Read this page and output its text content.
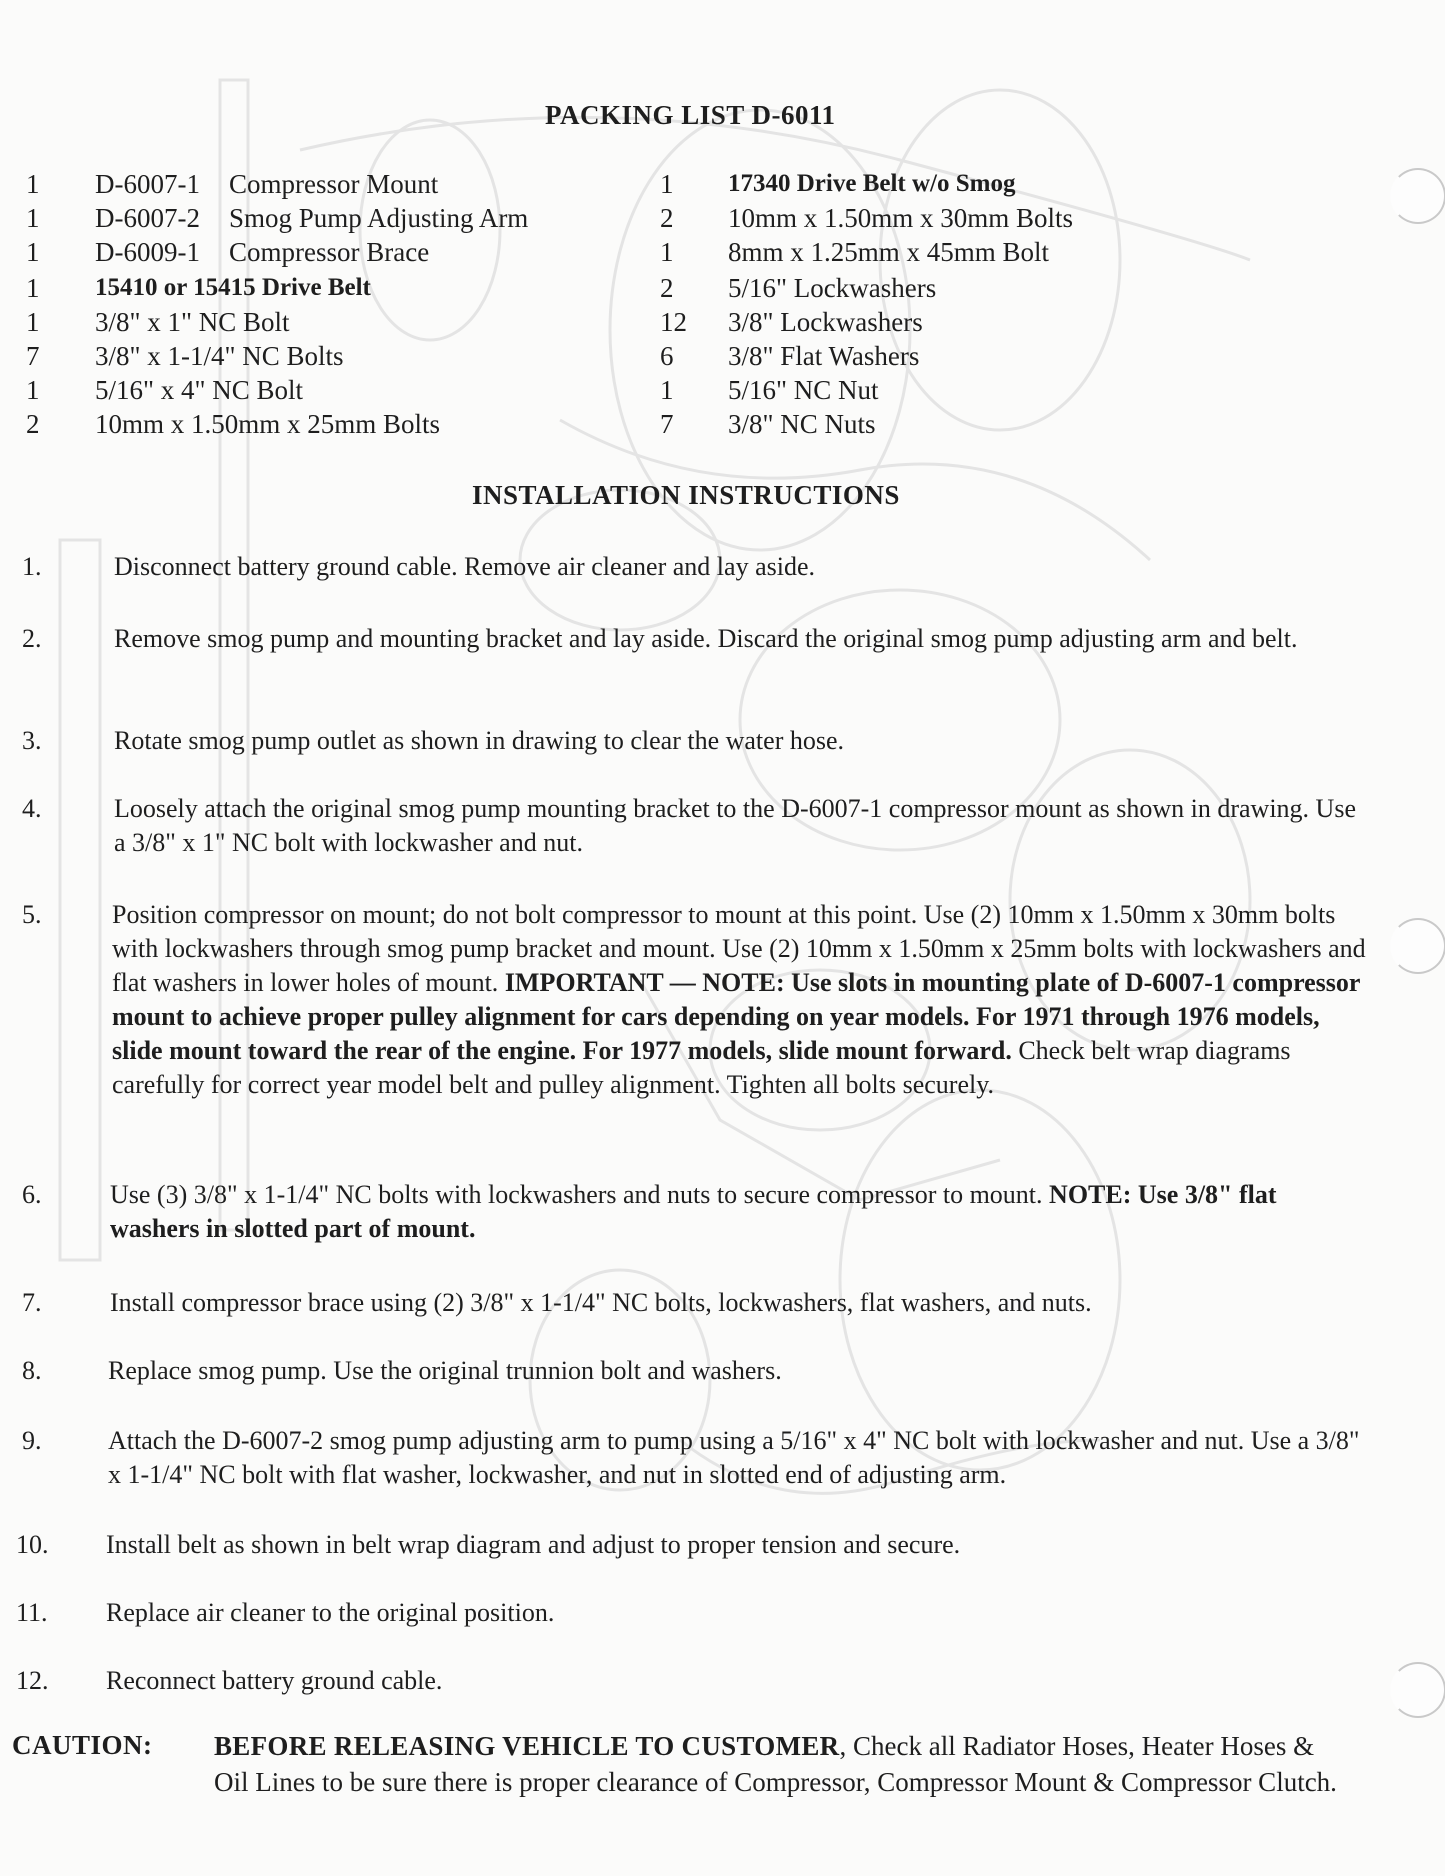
PACKING LIST D-6011
1	D-6007-1 Compressor Mount
1	D-6007-2 Smog Pump Adjusting Arm
1	D-6009-1 Compressor Brace
1	15410 or 15415 Drive Belt
1	3/8" x 1" NC Bolt
7	3/8" x 1-1/4" NC Bolts
1	5/16" x 4" NC Bolt
2	10mm x 1.50mm x 25mm Bolts
1	17340 Drive Belt w/o Smog
2	10mm x 1.50mm x 30mm Bolts
1	8mm x 1.25mm x 45mm Bolt
2	5/16" Lockwashers
12	3/8" Lockwashers
6	3/8" Flat Washers
1	5/16" NC Nut
7	3/8" NC Nuts
INSTALLATION INSTRUCTIONS
1.	Disconnect battery ground cable. Remove air cleaner and lay aside.
2.	Remove smog pump and mounting bracket and lay aside. Discard the original smog pump adjusting arm and belt.
3.	Rotate smog pump outlet as shown in drawing to clear the water hose.
4.	Loosely attach the original smog pump mounting bracket to the D-6007-1 compressor mount as shown in drawing. Use a 3/8" x 1" NC bolt with lockwasher and nut.
5.	Position compressor on mount; do not bolt compressor to mount at this point. Use (2) 10mm x 1.50mm x 30mm bolts with lockwashers through smog pump bracket and mount. Use (2) 10mm x 1.50mm x 25mm bolts with lockwashers and flat washers in lower holes of mount. IMPORTANT — NOTE: Use slots in mounting plate of D-6007-1 compressor mount to achieve proper pulley alignment for cars depending on year models. For 1971 through 1976 models, slide mount toward the rear of the engine. For 1977 models, slide mount forward. Check belt wrap diagrams carefully for correct year model belt and pulley alignment. Tighten all bolts securely.
6.	Use (3) 3/8" x 1-1/4" NC bolts with lockwashers and nuts to secure compressor to mount. NOTE: Use 3/8" flat washers in slotted part of mount.
7.	Install compressor brace using (2) 3/8" x 1-1/4" NC bolts, lockwashers, flat washers, and nuts.
8.	Replace smog pump. Use the original trunnion bolt and washers.
9.	Attach the D-6007-2 smog pump adjusting arm to pump using a 5/16" x 4" NC bolt with lockwasher and nut. Use a 3/8" x 1-1/4" NC bolt with flat washer, lockwasher, and nut in slotted end of adjusting arm.
10.	Install belt as shown in belt wrap diagram and adjust to proper tension and secure.
11.	Replace air cleaner to the original position.
12.	Reconnect battery ground cable.
CAUTION: BEFORE RELEASING VEHICLE TO CUSTOMER, Check all Radiator Hoses, Heater Hoses & Oil Lines to be sure there is proper clearance of Compressor, Compressor Mount & Compressor Clutch.
